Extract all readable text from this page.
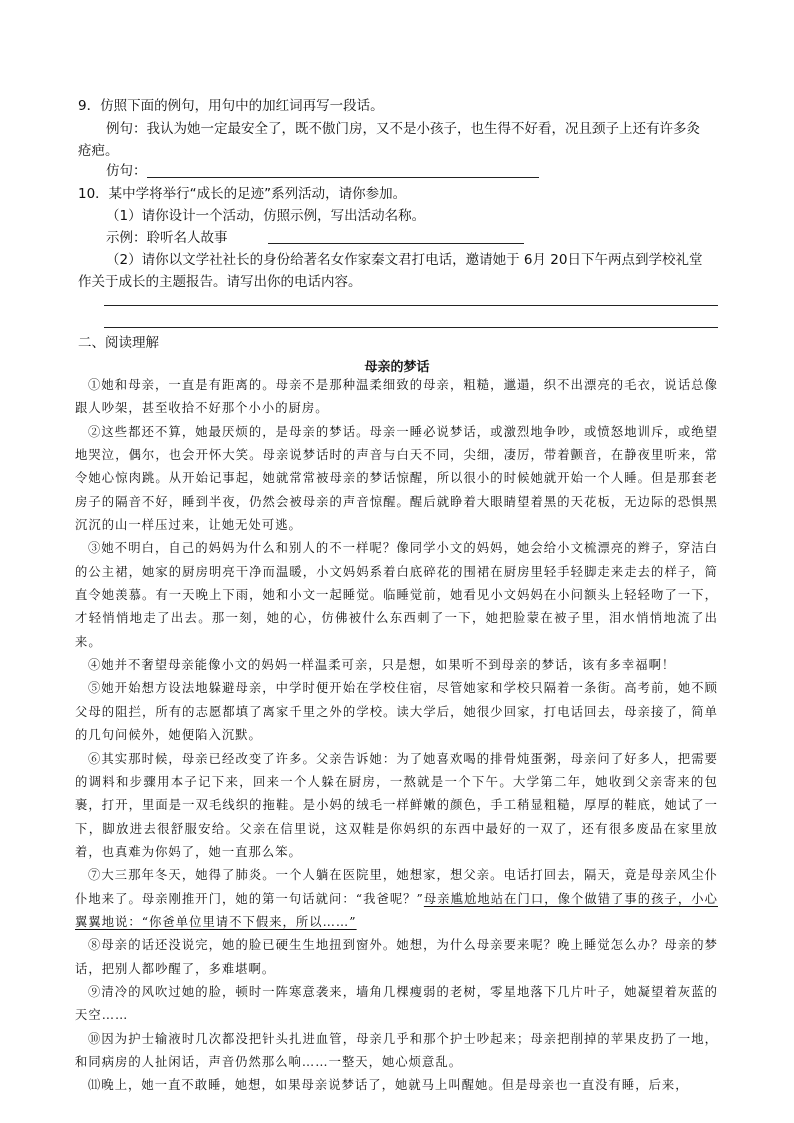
9．仿照下面的例句，用句中的加红词再写一段话。
例句：我认为她一定最安全了，既不傲门房，又不是小孩子，也生得不好看，况且颈子上还有许多灸
疮疤。
仿句：
10．某中学将举行“成长的足迹”系列活动，请你参加。
（1）请你设计一个活动，仿照示例，写出活动名称。
示例：聆听名人故事
（2）请你以文学社社长的身份给著名女作家秦文君打电话，邀请她于 6月 20日下午两点到学校礼堂
作关于成长的主题报告。请写出你的电话内容。
二、阅读理解
母亲的梦话

①她和母亲，一直是有距离的。母亲不是那种温柔细致的母亲，粗糙，邋遢，织不出漂亮的毛衣，说话总像跟人吵架，甚至收拾不好那个小小的厨房。

②这些都还不算，她最厌烦的，是母亲的梦话。母亲一睡必说梦话，或激烈地争吵，或愤怒地训斥，或绝望地哭泣，偶尔，也会开怀大笑。母亲说梦话时的声音与白天不同，尖细，凄厉，带着颤音，在静夜里听来，常令她心惊肉跳。从开始记事起，她就常常被母亲的梦话惊醒，所以很小的时候她就开始一个人睡。但是那套老房子的隔音不好，睡到半夜，仍然会被母亲的声音惊醒。醒后就睁着大眼睛望着黑的天花板，无边际的恐惧黑沉沉的山一样压过来，让她无处可逃。

③她不明白，自己的妈妈为什么和别人的不一样呢？像同学小文的妈妈，她会给小文梳漂亮的辫子，穿洁白的公主裙，她家的厨房明亮干净而温暖，小文妈妈系着白底碎花的围裙在厨房里轻手轻脚走来走去的样子，简直令她羡慕。有一天晚上下雨，她和小文一起睡觉。临睡觉前，她看见小文妈妈在小问额头上轻轻吻了一下，才轻悄悄地走了出去。那一刻，她的心，仿佛被什么东西刺了一下，她把脸蒙在被子里，泪水悄悄地流了出来。

④她并不奢望母亲能像小文的妈妈一样温柔可亲，只是想，如果听不到母亲的梦话，该有多幸福啊！

⑤她开始想方设法地躲避母亲，中学时便开始在学校住宿，尽管她家和学校只隔着一条街。高考前，她不顾父母的阻拦，所有的志愿都填了离家千里之外的学校。读大学后，她很少回家，打电话回去，母亲接了，简单的几句问候外，她便陷入沉默。

⑥其实那时候，母亲已经改变了许多。父亲告诉她：为了她喜欢喝的排骨炖蛋粥，母亲问了好多人，把需要的调料和步骤用本子记下来，回来一个人躲在厨房，一熬就是一个下午。大学第二年，她收到父亲寄来的包裹，打开，里面是一双毛线织的拖鞋。是小妈的绒毛一样鲜嫩的颜色，手工稍显粗糙，厚厚的鞋底，她试了一下，脚放进去很舒服安给。父亲在信里说，这双鞋是你妈织的东西中最好的一双了，还有很多废品在家里放着，也真难为你妈了，她一直那么笨。

⑦大三那年冬天，她得了肺炎。一个人躺在医院里，她想家，想父亲。电话打回去，隔天，竟是母亲风尘仆仆地来了。母亲刚推开门，她的第一句话就问：“我爸呢？”母亲尴尬地站在门口，像个做错了事的孩子，小心翼翼地说：“你爸单位里请不下假来，所以……”

⑧母亲的话还没说完，她的脸已硬生生地扭到窗外。她想，为什么母亲要来呢？晚上睡觉怎么办？母亲的梦话，把别人都吵醒了，多难堪啊。

⑨清冷的风吹过她的脸，顿时一阵寒意袭来，墙角几棵瘦弱的老树，零星地落下几片叶子，她凝望着灰蓝的天空……

⑩因为护士输液时几次都没把针头扎进血管，母亲几乎和那个护士吵起来；母亲把削掉的苹果皮扔了一地，和同病房的人扯闲话，声音仍然那么响……一整天，她心烦意乱。

⑾晚上，她一直不敢睡，她想，如果母亲说梦话了，她就马上叫醒她。但是母亲也一直没有睡，后来，
